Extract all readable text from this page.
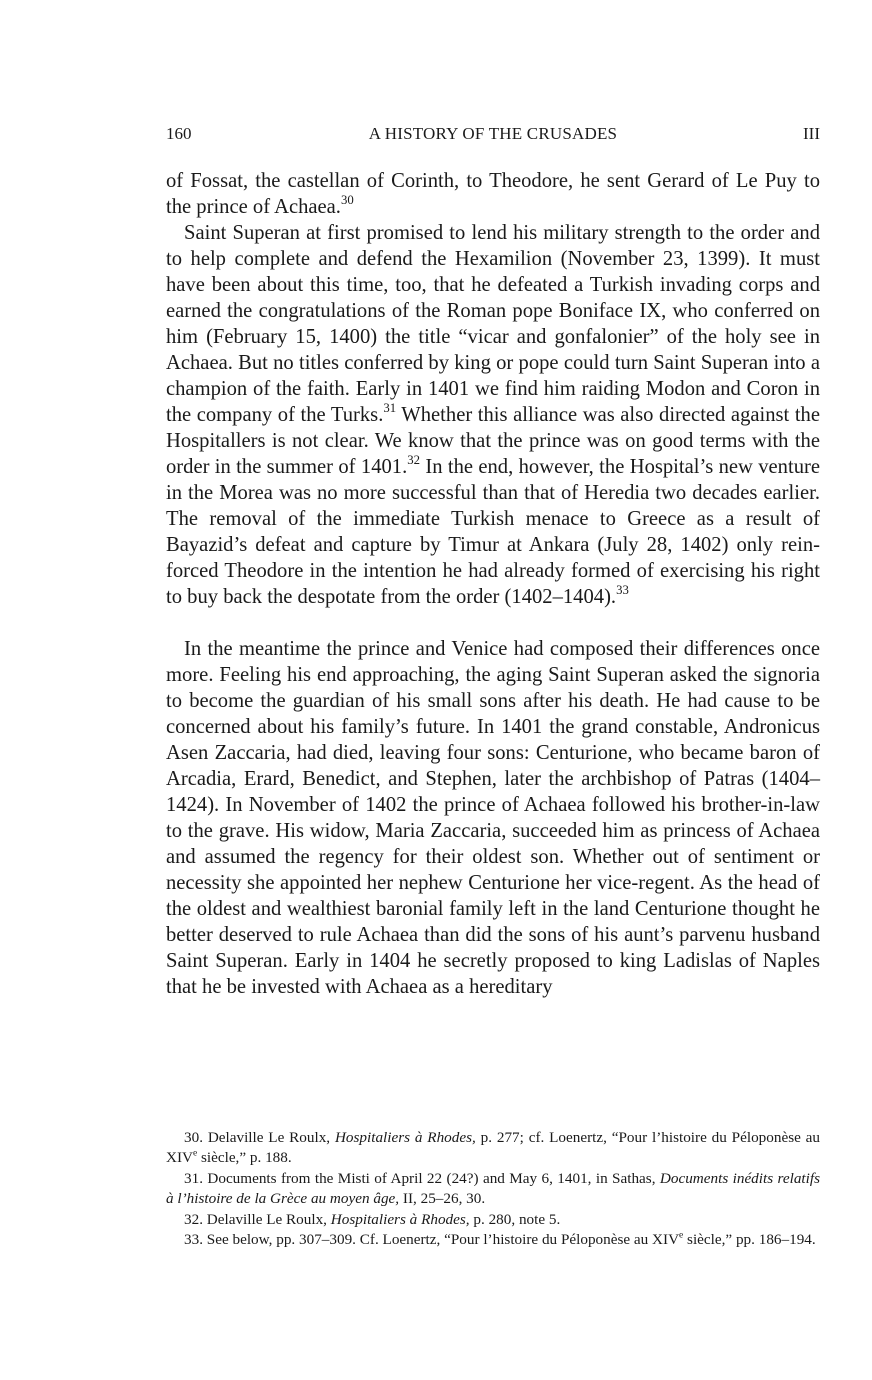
160	A HISTORY OF THE CRUSADES	III

of Fossat, the castellan of Corinth, to Theodore, he sent Gerard of Le Puy to the prince of Achaea.$^{30}$

Saint Superan at first promised to lend his military strength to the order and to help complete and defend the Hexamilion (November 23, 1399). It must have been about this time, too, that he defeated a Turkish invading corps and earned the congratulations of the Roman pope Boniface IX, who conferred on him (February 15, 1400) the title “vicar and gonfalonier” of the holy see in Achaea. But no titles conferred by king or pope could turn Saint Superan into a champion of the faith. Early in 1401 we find him raiding Modon and Coron in the company of the Turks.$^{31}$ Whether this alliance was also directed against the Hospitallers is not clear. We know that the prince was on good terms with the order in the summer of 1401.32 In the end, however, the Hospital’s new venture in the Morea was no more successful than that of Heredia two decades earlier. The removal of the immediate Turkish menace to Greece as a result of Bayazid’s defeat and capture by Timur at Ankara (July 28, 1402) only reinforced Theodore in the intention he had already formed of exercising his right to buy back the despotate from the order (1402–1404).$^{33}$

In the meantime the prince and Venice had composed their differences once more. Feeling his end approaching, the aging Saint Superan asked the signoria to become the guardian of his small sons after his death. He had cause to be concerned about his family’s future. In 1401 the grand constable, Andronicus Asen Zaccaria, had died, leaving four sons: Centurione, who became baron of Arcadia, Erard, Benedict, and Stephen, later the archbishop of Patras (1404–1424). In November of 1402 the prince of Achaea followed his brother-in-law to the grave. His widow, Maria Zaccaria, succeeded him as princess of Achaea and assumed the regency for their oldest son. Whether out of sentiment or necessity she appointed her nephew Centurione her vice-regent. As the head of the oldest and wealthiest baronial family left in the land Centurione thought he better deserved to rule Achaea than did the sons of his aunt’s parvenu husband Saint Superan. Early in 1404 he secretly proposed to king Ladislas of Naples that he be invested with Achaea as a hereditary

30. Delaville Le Roulx, Hospitaliers à Rhodes, p. 277; cf. Loenertz, “Pour l’histoire du Péloponèse au XIVe siècle,” p. 188.

31. Documents from the Misti of April 22 (24?) and May 6, 1401, in Sathas, Documents inédits relatifs à l’histoire de la Grèce au moyen âge, II, 25–26, 30.

32. Delaville Le Roulx, Hospitaliers à Rhodes, p. 280, note 5.

33. See below, pp. 307–309. Cf. Loenertz, “Pour l’histoire du Péloponèse au XIVe siècle,” pp. 186–194.
